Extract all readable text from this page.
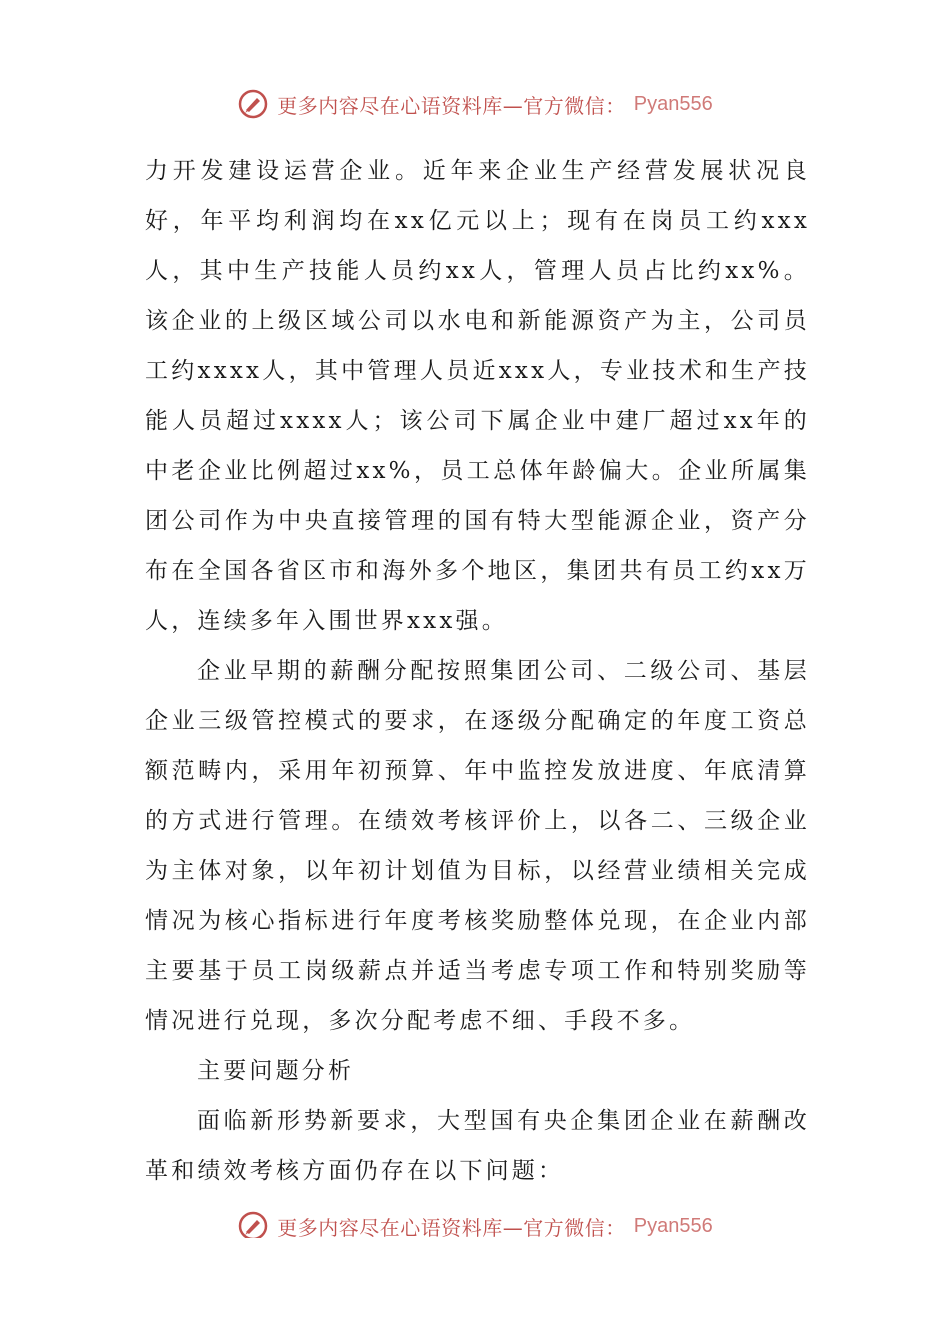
更多内容尽在心语资料库—官方微信： Pyan556

力开发建设运营企业。近年来企业生产经营发展状况良好，年平均利润均在xx亿元以上；现有在岗员工约xxx人，其中生产技能人员约xx人，管理人员占比约xx%。该企业的上级区域公司以水电和新能源资产为主，公司员工约xxxx人，其中管理人员近xxx人，专业技术和生产技能人员超过xxxx人；该公司下属企业中建厂超过xx年的中老企业比例超过xx%，员工总体年龄偏大。企业所属集团公司作为中央直接管理的国有特大型能源企业，资产分布在全国各省区市和海外多个地区，集团共有员工约xx万人，连续多年入围世界xxx强。

企业早期的薪酬分配按照集团公司、二级公司、基层企业三级管控模式的要求，在逐级分配确定的年度工资总额范畴内，采用年初预算、年中监控发放进度、年底清算的方式进行管理。在绩效考核评价上，以各二、三级企业为主体对象，以年初计划值为目标，以经营业绩相关完成情况为核心指标进行年度考核奖励整体兑现，在企业内部主要基于员工岗级薪点并适当考虑专项工作和特别奖励等情况进行兑现，多次分配考虑不细、手段不多。

主要问题分析

面临新形势新要求，大型国有央企集团企业在薪酬改革和绩效考核方面仍存在以下问题：

更多内容尽在心语资料库—官方微信： Pyan556
